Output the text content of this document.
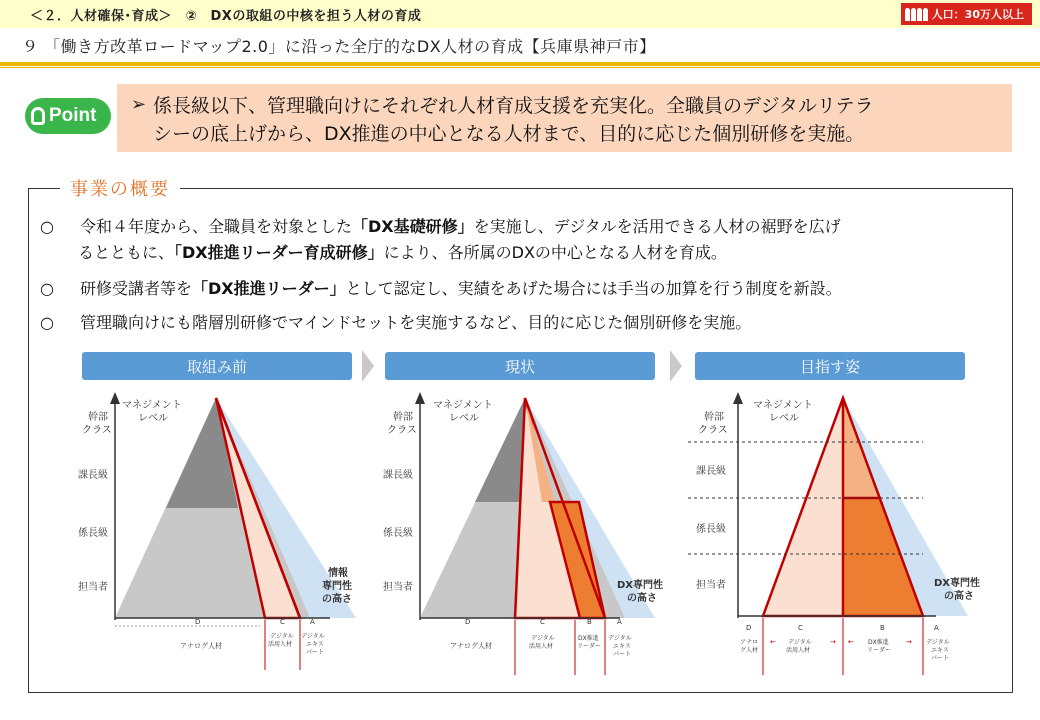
＜２．人材確保･育成＞　②　DXの取組の中核を担う人材の育成	人口：30万人以上
９ 「働き方改革ロードマップ2.0」に沿った全庁的なDX人材の育成【兵庫県神戸市】
Point
➢ 係長級以下、管理職向けにそれぞれ人材育成支援を充実化。全職員のデジタルリテラ
シーの底上げから、DX推進の中心となる人材まで、目的に応じた個別研修を実施。
事業の概要
○ 令和４年度から、全職員を対象とした「DX基礎研修」を実施し、デジタルを活用できる人材の裾野を広げ
るとともに、「DX推進リーダー育成研修」により、各所属のDXの中心となる人材を育成。
○ 研修受講者等を「DX推進リーダー」として認定し、実績をあげた場合には手当の加算を行う制度を新設。
○ 管理職向けにも階層別研修でマインドセットを実施するなど、目的に応じた個別研修を実施。
取組み前	現状	目指す姿
幹部クラス
課長級
係長級
担当者
マネジメントレベル
情報専門性の高さ
D
アナログ人材
C
デジタル活用人材
A
デジタルエキスパート
幹部クラス
課長級
係長級
担当者
マネジメントレベル
DX専門性の高さ
D
アナログ人材
C
デジタル活用人材
B
DX推進リーダー
A
デジタルエキスパート
幹部クラス
課長級
係長級
担当者
マネジメントレベル
DX専門性の高さ
D
アナログ人材
C
デジタル活用人材
←	→
B
DX推進リーダー
←	→
A
デジタルエキスパート
